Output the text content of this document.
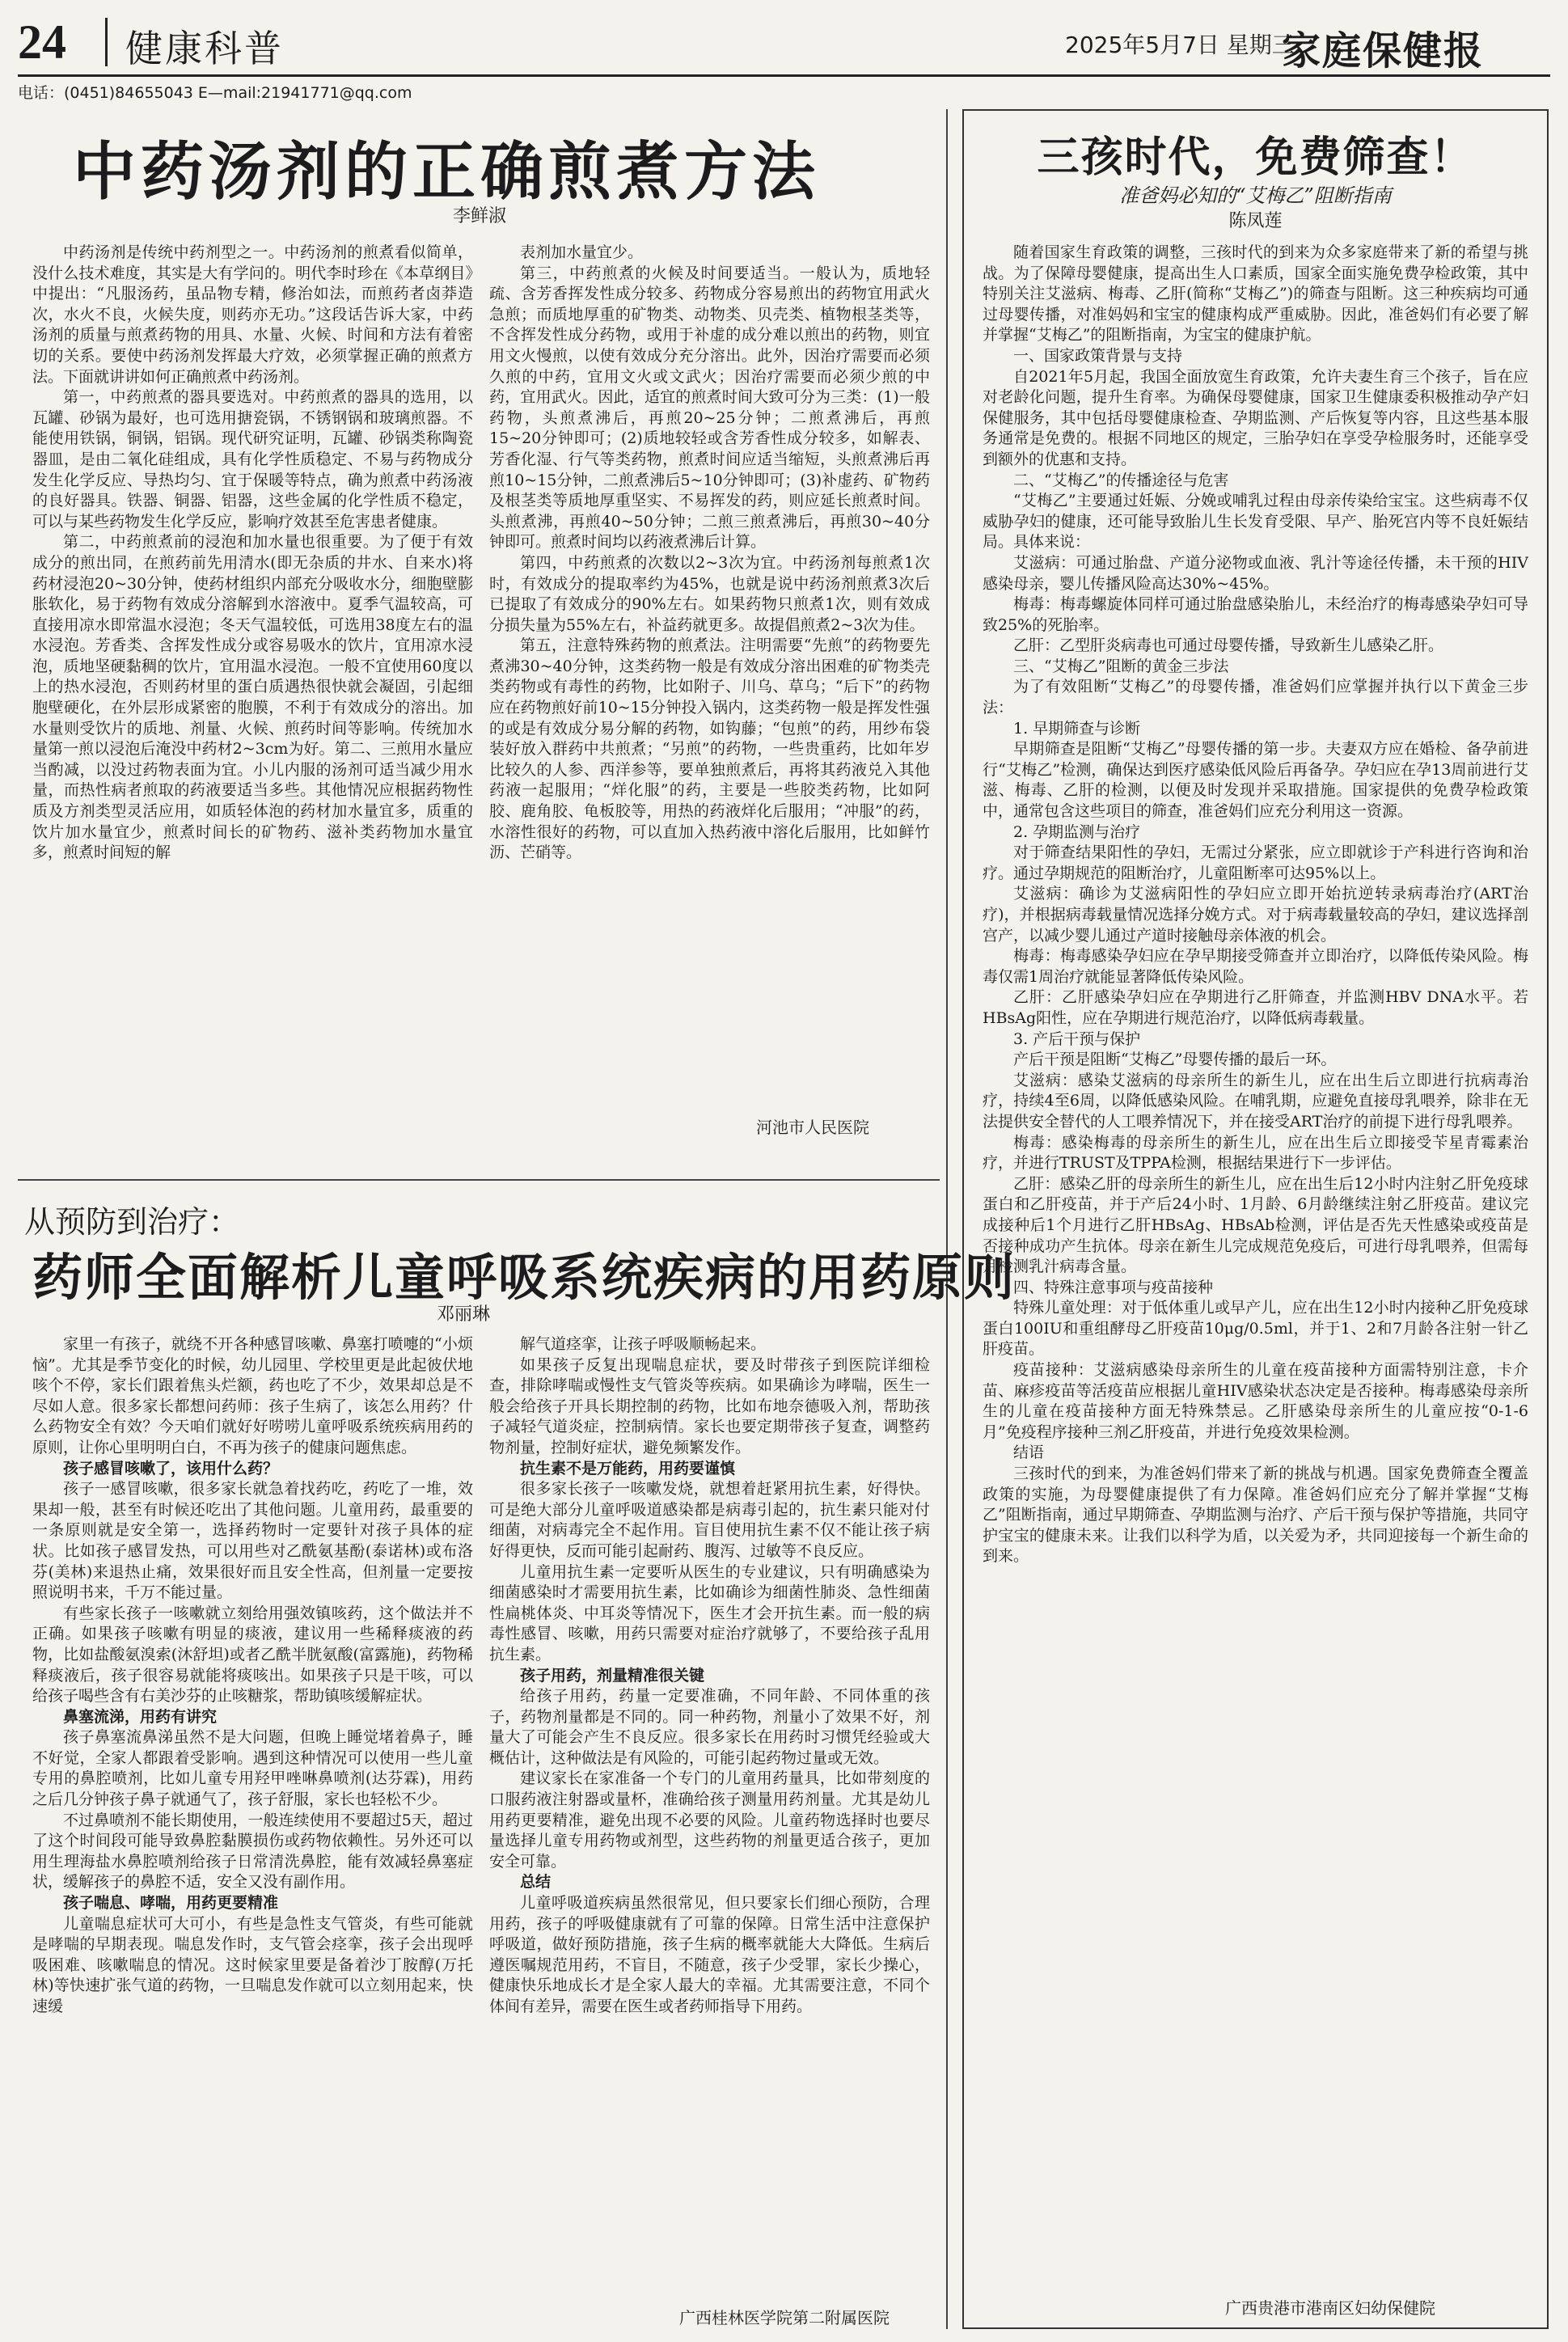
24 健康科普	2025年5月7日 星期三
家庭保健报
电话：(0451)84655043 E—mail:21941771@qq.com
中药汤剂的正确煎煮方法
李鲜淑

中药汤剂是传统中药剂型之一。中药汤剂的煎煮看似简单，没什么技术难度，其实是大有学问的。明代李时珍在《本草纲目》中提出：“凡服汤药，虽品物专精，修治如法，而煎药者卤莽造次，水火不良，火候失度，则药亦无功。”这段话告诉大家，中药汤剂的质量与煎煮药物的用具、水量、火候、时间和方法有着密切的关系。要使中药汤剂发挥最大疗效，必须掌握正确的煎煮方法。下面就讲讲如何正确煎煮中药汤剂。

第一，中药煎煮的器具要选对。中药煎煮的器具的选用，以瓦罐、砂锅为最好，也可选用搪瓷锅，不锈钢锅和玻璃煎器。不能使用铁锅，铜锅，铝锅。现代研究证明，瓦罐、砂锅类称陶瓷器皿，是由二氧化硅组成，具有化学性质稳定、不易与药物成分发生化学反应、导热均匀、宜于保暖等特点，确为煎煮中药汤液的良好器具。铁器、铜器、铝器，这些金属的化学性质不稳定，可以与某些药物发生化学反应，影响疗效甚至危害患者健康。

第二，中药煎煮前的浸泡和加水量也很重要。为了便于有效成分的煎出同，在煎药前先用清水(即无杂质的井水、自来水)将药材浸泡20~30分钟，使药材组织内部充分吸收水分，细胞壁膨胀软化，易于药物有效成分溶解到水溶液中。夏季气温较高，可直接用凉水即常温水浸泡；冬天气温较低，可选用38度左右的温水浸泡。芳香类、含挥发性成分或容易吸水的饮片，宜用凉水浸泡，质地坚硬黏稠的饮片，宜用温水浸泡。一般不宜使用60度以上的热水浸泡，否则药材里的蛋白质遇热很快就会凝固，引起细胞壁硬化，在外层形成紧密的胞膜，不利于有效成分的溶出。加水量则受饮片的质地、剂量、火候、煎药时间等影响。传统加水量第一煎以浸泡后淹没中药材2~3cm为好。第二、三煎用水量应当酌减，以没过药物表面为宜。小儿内服的汤剂可适当减少用水量，而热性病者煎取的药液要适当多些。其他情况应根据药物性质及方剂类型灵活应用，如质轻体泡的药材加水量宜多，质重的饮片加水量宜少，煎煮时间长的矿物药、滋补类药物加水量宜多，煎煮时间短的解

表剂加水量宜少。

第三，中药煎煮的火候及时间要适当。一般认为，质地轻疏、含芳香挥发性成分较多、药物成分容易煎出的药物宜用武火急煎；而质地厚重的矿物类、动物类、贝壳类、植物根茎类等，不含挥发性成分药物，或用于补虚的成分难以煎出的药物，则宜用文火慢煎，以使有效成分充分溶出。此外，因治疗需要而必须久煎的中药，宜用文火或文武火；因治疗需要而必须少煎的中药，宜用武火。因此，适宜的煎煮时间大致可分为三类：(1)一般药物，头煎煮沸后，再煎20~25分钟；二煎煮沸后，再煎15~20分钟即可；(2)质地较轻或含芳香性成分较多，如解表、芳香化湿、行气等类药物，煎煮时间应适当缩短，头煎煮沸后再煎10~15分钟，二煎煮沸后5~10分钟即可；(3)补虚药、矿物药及根茎类等质地厚重坚实、不易挥发的药，则应延长煎煮时间。头煎煮沸，再煎40~50分钟；二煎三煎煮沸后，再煎30~40分钟即可。煎煮时间均以药液煮沸后计算。

第四，中药煎煮的次数以2~3次为宜。中药汤剂每煎煮1次时，有效成分的提取率约为45%，也就是说中药汤剂煎煮3次后已提取了有效成分的90%左右。如果药物只煎煮1次，则有效成分损失量为55%左右，补益药就更多。故提倡煎煮2~3次为佳。

第五，注意特殊药物的煎煮法。注明需要“先煎”的药物要先煮沸30~40分钟，这类药物一般是有效成分溶出困难的矿物类壳类药物或有毒性的药物，比如附子、川乌、草乌；“后下”的药物应在药物煎好前10~15分钟投入锅内，这类药物一般是挥发性强的或是有效成分易分解的药物，如钩藤；“包煎”的药，用纱布袋装好放入群药中共煎煮；“另煎”的药物，一些贵重药，比如年岁比较久的人参、西洋参等，要单独煎煮后，再将其药液兑入其他药液一起服用；“烊化服”的药，主要是一些胶类药物，比如阿胶、鹿角胶、龟板胶等，用热的药液烊化后服用；“冲服”的药，水溶性很好的药物，可以直加入热药液中溶化后服用，比如鲜竹沥、芒硝等。

河池市人民医院
从预防到治疗：
药师全面解析儿童呼吸系统疾病的用药原则
邓丽琳

家里一有孩子，就绕不开各种感冒咳嗽、鼻塞打喷嚏的“小烦恼”。尤其是季节变化的时候，幼儿园里、学校里更是此起彼伏地咳个不停，家长们跟着焦头烂额，药也吃了不少，效果却总是不尽如人意。很多家长都想问药师：孩子生病了，该怎么用药？什么药物安全有效？今天咱们就好好唠唠儿童呼吸系统疾病用药的原则，让你心里明明白白，不再为孩子的健康问题焦虑。

孩子感冒咳嗽了，该用什么药？

孩子一感冒咳嗽，很多家长就急着找药吃，药吃了一堆，效果却一般，甚至有时候还吃出了其他问题。儿童用药，最重要的一条原则就是安全第一，选择药物时一定要针对孩子具体的症状。比如孩子感冒发热，可以用些对乙酰氨基酚(泰诺林)或布洛芬(美林)来退热止痛，效果很好而且安全性高，但剂量一定要按照说明书来，千万不能过量。

有些家长孩子一咳嗽就立刻给用强效镇咳药，这个做法并不正确。如果孩子咳嗽有明显的痰液，建议用一些稀释痰液的药物，比如盐酸氨溴索(沐舒坦)或者乙酰半胱氨酸(富露施)，药物稀释痰液后，孩子很容易就能将痰咳出。如果孩子只是干咳，可以给孩子喝些含有右美沙芬的止咳糖浆，帮助镇咳缓解症状。

鼻塞流涕，用药有讲究

孩子鼻塞流鼻涕虽然不是大问题，但晚上睡觉堵着鼻子，睡不好觉，全家人都跟着受影响。遇到这种情况可以使用一些儿童专用的鼻腔喷剂，比如儿童专用羟甲唑啉鼻喷剂(达芬霖)，用药之后几分钟孩子鼻子就通气了，孩子舒服，家长也轻松不少。

不过鼻喷剂不能长期使用，一般连续使用不要超过5天，超过了这个时间段可能导致鼻腔黏膜损伤或药物依赖性。另外还可以用生理海盐水鼻腔喷剂给孩子日常清洗鼻腔，能有效减轻鼻塞症状，缓解孩子的鼻腔不适，安全又没有副作用。

孩子喘息、哮喘，用药更要精准

儿童喘息症状可大可小，有些是急性支气管炎，有些可能就是哮喘的早期表现。喘息发作时，支气管会痉挛，孩子会出现呼吸困难、咳嗽喘息的情况。这时候家里要是备着沙丁胺醇(万托林)等快速扩张气道的药物，一旦喘息发作就可以立刻用起来，快速缓

解气道痉挛，让孩子呼吸顺畅起来。

如果孩子反复出现喘息症状，要及时带孩子到医院详细检查，排除哮喘或慢性支气管炎等疾病。如果确诊为哮喘，医生一般会给孩子开具长期控制的药物，比如布地奈德吸入剂，帮助孩子减轻气道炎症，控制病情。家长也要定期带孩子复查，调整药物剂量，控制好症状，避免频繁发作。

抗生素不是万能药，用药要谨慎

很多家长孩子一咳嗽发烧，就想着赶紧用抗生素，好得快。可是绝大部分儿童呼吸道感染都是病毒引起的，抗生素只能对付细菌，对病毒完全不起作用。盲目使用抗生素不仅不能让孩子病好得更快，反而可能引起耐药、腹泻、过敏等不良反应。

儿童用抗生素一定要听从医生的专业建议，只有明确感染为细菌感染时才需要用抗生素，比如确诊为细菌性肺炎、急性细菌性扁桃体炎、中耳炎等情况下，医生才会开抗生素。而一般的病毒性感冒、咳嗽，用药只需要对症治疗就够了，不要给孩子乱用抗生素。

孩子用药，剂量精准很关键

给孩子用药，药量一定要准确，不同年龄、不同体重的孩子，药物剂量都是不同的。同一种药物，剂量小了效果不好，剂量大了可能会产生不良反应。很多家长在用药时习惯凭经验或大概估计，这种做法是有风险的，可能引起药物过量或无效。

建议家长在家准备一个专门的儿童用药量具，比如带刻度的口服药液注射器或量杯，准确给孩子测量用药剂量。尤其是幼儿用药更要精准，避免出现不必要的风险。儿童药物选择时也要尽量选择儿童专用药物或剂型，这些药物的剂量更适合孩子，更加安全可靠。

总结

儿童呼吸道疾病虽然很常见，但只要家长们细心预防，合理用药，孩子的呼吸健康就有了可靠的保障。日常生活中注意保护呼吸道，做好预防措施，孩子生病的概率就能大大降低。生病后遵医嘱规范用药，不盲目，不随意，孩子少受罪，家长少操心，健康快乐地成长才是全家人最大的幸福。尤其需要注意，不同个体间有差异，需要在医生或者药师指导下用药。

广西桂林医学院第二附属医院
三孩时代，免费筛查！
准爸妈必知的“艾梅乙”阻断指南
陈凤莲

随着国家生育政策的调整，三孩时代的到来为众多家庭带来了新的希望与挑战。为了保障母婴健康，提高出生人口素质，国家全面实施免费孕检政策，其中特别关注艾滋病、梅毒、乙肝(简称“艾梅乙”)的筛查与阻断。这三种疾病均可通过母婴传播，对准妈妈和宝宝的健康构成严重威胁。因此，准爸妈们有必要了解并掌握“艾梅乙”的阻断指南，为宝宝的健康护航。

一、国家政策背景与支持

自2021年5月起，我国全面放宽生育政策，允许夫妻生育三个孩子，旨在应对老龄化问题，提升生育率。为确保母婴健康，国家卫生健康委积极推动孕产妇保健服务，其中包括母婴健康检查、孕期监测、产后恢复等内容，且这些基本服务通常是免费的。根据不同地区的规定，三胎孕妇在享受孕检服务时，还能享受到额外的优惠和支持。

二、“艾梅乙”的传播途径与危害

“艾梅乙”主要通过妊娠、分娩或哺乳过程由母亲传染给宝宝。这些病毒不仅威胁孕妇的健康，还可能导致胎儿生长发育受限、早产、胎死宫内等不良妊娠结局。具体来说：

艾滋病：可通过胎盘、产道分泌物或血液、乳汁等途径传播，未干预的HIV感染母亲，婴儿传播风险高达30%~45%。

梅毒：梅毒螺旋体同样可通过胎盘感染胎儿，未经治疗的梅毒感染孕妇可导致25%的死胎率。

乙肝：乙型肝炎病毒也可通过母婴传播，导致新生儿感染乙肝。

三、“艾梅乙”阻断的黄金三步法

为了有效阻断“艾梅乙”的母婴传播，准爸妈们应掌握并执行以下黄金三步法：

1. 早期筛查与诊断

早期筛查是阻断“艾梅乙”母婴传播的第一步。夫妻双方应在婚检、备孕前进行“艾梅乙”检测，确保达到医疗感染低风险后再备孕。孕妇应在孕13周前进行艾滋、梅毒、乙肝的检测，以便及时发现并采取措施。国家提供的免费孕检政策中，通常包含这些项目的筛查，准爸妈们应充分利用这一资源。

2. 孕期监测与治疗

对于筛查结果阳性的孕妇，无需过分紧张，应立即就诊于产科进行咨询和治疗。通过孕期规范的阻断治疗，儿童阻断率可达95%以上。

艾滋病：确诊为艾滋病阳性的孕妇应立即开始抗逆转录病毒治疗(ART治疗)，并根据病毒载量情况选择分娩方式。对于病毒载量较高的孕妇，建议选择剖宫产，以减少婴儿通过产道时接触母亲体液的机会。

梅毒：梅毒感染孕妇应在孕早期接受筛查并立即治疗，以降低传染风险。梅毒仅需1周治疗就能显著降低传染风险。

乙肝：乙肝感染孕妇应在孕期进行乙肝筛查，并监测HBV DNA水平。若HBsAg阳性，应在孕期进行规范治疗，以降低病毒载量。

3. 产后干预与保护

产后干预是阻断“艾梅乙”母婴传播的最后一环。

艾滋病：感染艾滋病的母亲所生的新生儿，应在出生后立即进行抗病毒治疗，持续4至6周，以降低感染风险。在哺乳期，应避免直接母乳喂养，除非在无法提供安全替代的人工喂养情况下，并在接受ART治疗的前提下进行母乳喂养。

梅毒：感染梅毒的母亲所生的新生儿，应在出生后立即接受苄星青霉素治疗，并进行TRUST及TPPA检测，根据结果进行下一步评估。

乙肝：感染乙肝的母亲所生的新生儿，应在出生后12小时内注射乙肝免疫球蛋白和乙肝疫苗，并于产后24小时、1月龄、6月龄继续注射乙肝疫苗。建议完成接种后1个月进行乙肝HBsAg、HBsAb检测，评估是否先天性感染或疫苗是否接种成功产生抗体。母亲在新生儿完成规范免疫后，可进行母乳喂养，但需每月检测乳汁病毒含量。

四、特殊注意事项与疫苗接种

特殊儿童处理：对于低体重儿或早产儿，应在出生12小时内接种乙肝免疫球蛋白100IU和重组酵母乙肝疫苗10μg/0.5ml，并于1、2和7月龄各注射一针乙肝疫苗。

疫苗接种：艾滋病感染母亲所生的儿童在疫苗接种方面需特别注意，卡介苗、麻疹疫苗等活疫苗应根据儿童HIV感染状态决定是否接种。梅毒感染母亲所生的儿童在疫苗接种方面无特殊禁忌。乙肝感染母亲所生的儿童应按“0-1-6月”免疫程序接种三剂乙肝疫苗，并进行免疫效果检测。

结语

三孩时代的到来，为准爸妈们带来了新的挑战与机遇。国家免费筛查全覆盖政策的实施，为母婴健康提供了有力保障。准爸妈们应充分了解并掌握“艾梅乙”阻断指南，通过早期筛查、孕期监测与治疗、产后干预与保护等措施，共同守护宝宝的健康未来。让我们以科学为盾，以关爱为矛，共同迎接每一个新生命的到来。

广西贵港市港南区妇幼保健院
